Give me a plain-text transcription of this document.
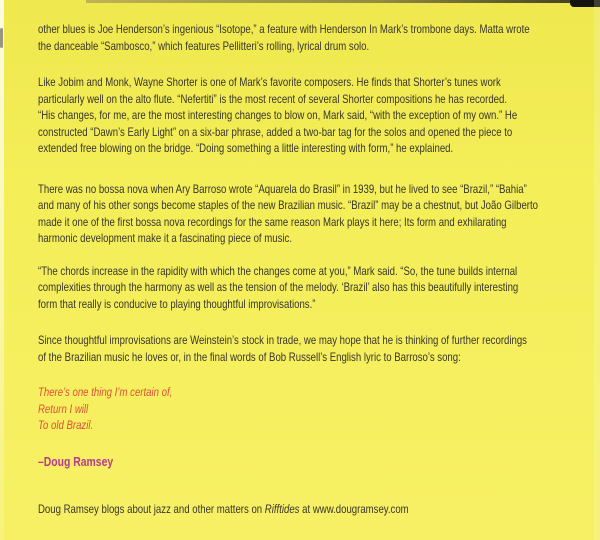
other blues is Joe Henderson’s ingenious “Isotope,” a feature with Henderson In Mark’s trombone days. Matta wrote
the danceable “Sambosco,” which features Pellitteri’s rolling, lyrical drum solo.
Like Jobim and Monk, Wayne Shorter is one of Mark’s favorite composers. He finds that Shorter’s tunes work
particularly well on the alto flute. “Nefertiti” is the most recent of several Shorter compositions he has recorded.
“His changes, for me, are the most interesting changes to blow on, Mark said, “with the exception of my own.” He
constructed “Dawn’s Early Light” on a six-bar phrase, added a two-bar tag for the solos and opened the piece to
extended free blowing on the bridge. “Doing something a little interesting with form,” he explained.
There was no bossa nova when Ary Barroso wrote “Aquarela do Brasil” in 1939, but he lived to see “Brazil,” “Bahia”
and many of his other songs become staples of the new Brazilian music. “Brazil” may be a chestnut, but João Gilberto
made it one of the first bossa nova recordings for the same reason Mark plays it here; Its form and exhilarating
harmonic development make it a fascinating piece of music.
“The chords increase in the rapidity with which the changes come at you,” Mark said. “So, the tune builds internal
complexities through the harmony as well as the tension of the melody. ‘Brazil’ also has this beautifully interesting
form that really is conducive to playing thoughtful improvisations.”
Since thoughtful improvisations are Weinstein’s stock in trade, we may hope that he is thinking of further recordings
of the Brazilian music he loves or, in the final words of Bob Russell’s English lyric to Barroso’s song:
There’s one thing I’m certain of,
Return I will
To old Brazil.
–Doug Ramsey
Doug Ramsey blogs about jazz and other matters on Rifftides at www.dougramsey.com
